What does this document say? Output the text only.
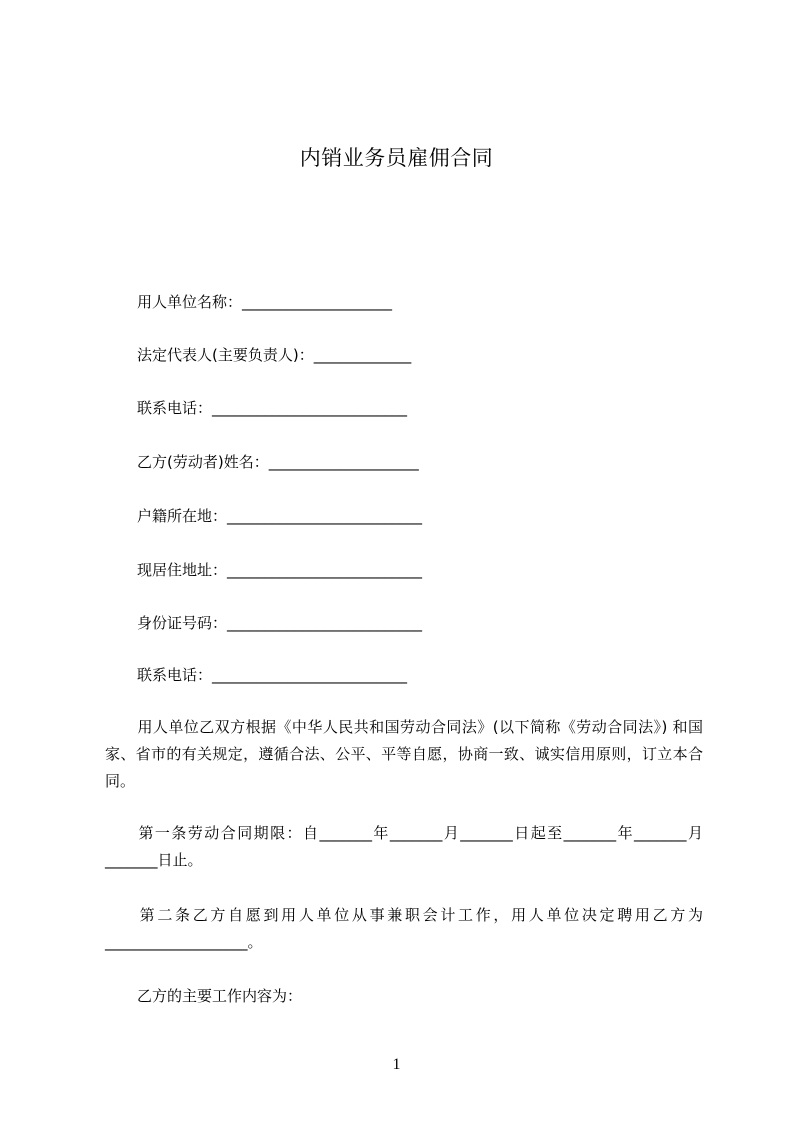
内销业务员雇佣合同
用人单位名称：____________________
法定代表人(主要负责人)：_____________
联系电话：__________________________
乙方(劳动者)姓名：____________________
户籍所在地：__________________________
现居住地址：__________________________
身份证号码：__________________________
联系电话：__________________________
用人单位乙双方根据《中华人民共和国劳动合同法》(以下简称《劳动合同法》) 和国家、省市的有关规定，遵循合法、公平、平等自愿，协商一致、诚实信用原则，订立本合同。
第一条劳动合同期限：自_______年_______月_______日起至_______年_______月_______日止。
第二条乙方自愿到用人单位从事兼职会计工作，用人单位决定聘用乙方为___________________。
乙方的主要工作内容为：
1
